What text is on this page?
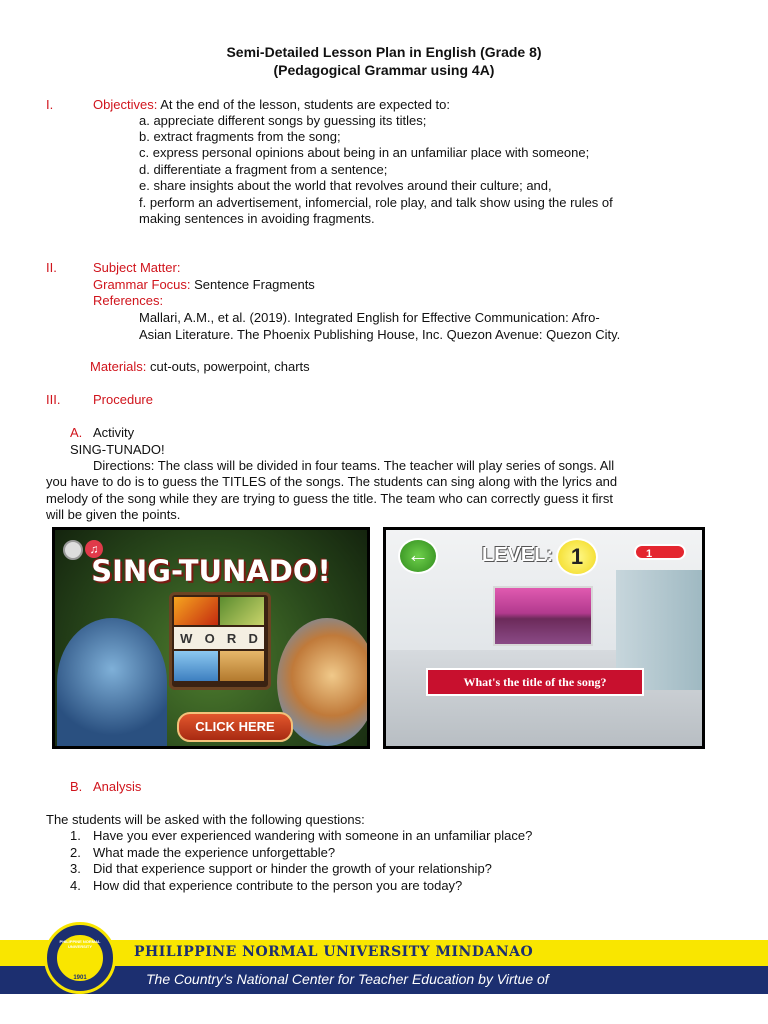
Semi-Detailed Lesson Plan in English (Grade 8)
(Pedagogical Grammar using 4A)
I.	Objectives: At the end of the lesson, students are expected to:
a. appreciate different songs by guessing its titles;
b. extract fragments from the song;
c. express personal opinions about being in an unfamiliar place with someone;
d. differentiate a fragment from a sentence;
e. share insights about the world that revolves around their culture; and,
f. perform an advertisement, infomercial, role play, and talk show using the rules of
making sentences in avoiding fragments.
II.	Subject Matter:
Grammar Focus: Sentence Fragments
References:
Mallari, A.M., et al. (2019). Integrated English for Effective Communication: Afro-
Asian Literature. The Phoenix Publishing House, Inc. Quezon Avenue: Quezon City.
Materials: cut-outs, powerpoint, charts
III.	Procedure
A. Activity
SING-TUNADO!
Directions: The class will be divided in four teams. The teacher will play series of songs. All
you have to do is to guess the TITLES of the songs. The students can sing along with the lyrics and
melody of the song while they are trying to guess the title. The team who can correctly guess it first
will be given the points.
♫
SING-TUNADO!
W O R D
CLICK HERE
←	LEVEL: 1	1
What's the title of the song?
B. Analysis
The students will be asked with the following questions:
1. Have you ever experienced wandering with someone in an unfamiliar place?
2. What made the experience unforgettable?
3. Did that experience support or hinder the growth of your relationship?
4. How did that experience contribute to the person you are today?
PHILIPPINE NORMAL UNIVERSITY MINDANAO
The Country's National Center for Teacher Education by Virtue of
PHILIPPINE NORMAL UNIVERSITY
1901
